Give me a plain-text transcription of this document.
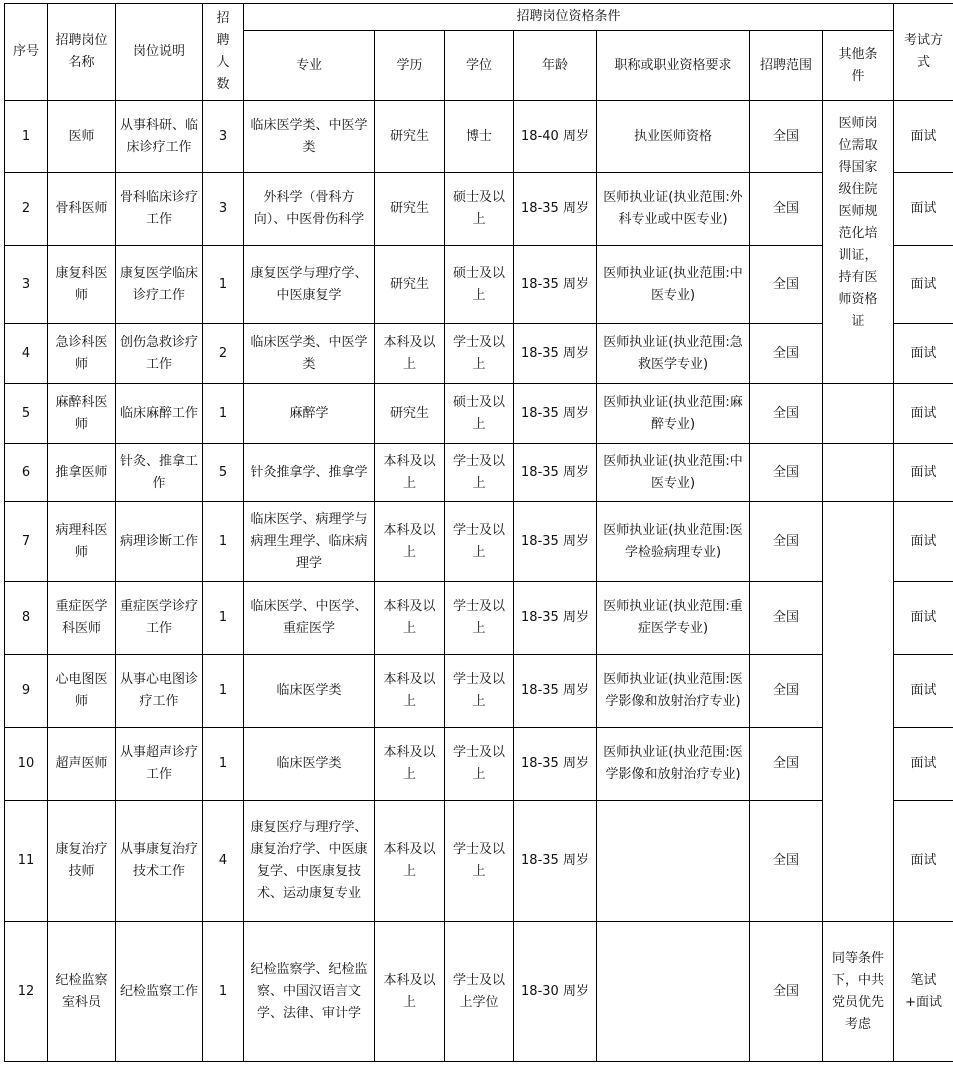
序号	招聘岗位名称	岗位说明	招聘人数	招聘岗位资格条件							考试方式
				专业	学历	学位	年龄	职称或职业资格要求	招聘范围	其他条件	
1	医师	从事科研、临床诊疗工作	3	临床医学类、中医学类	研究生	博士	18-40 周岁	执业医师资格	全国	医师岗位需取得国家级住院医师规范化培训证，持有医师资格证	面试
2	骨科医师	骨科临床诊疗工作	3	外科学（骨科方向）、中医骨伤科学	研究生	硕士及以上	18-35 周岁	医师执业证(执业范围:外科专业或中医专业)	全国		面试
3	康复科医师	康复医学临床诊疗工作	1	康复医学与理疗学、中医康复学	研究生	硕士及以上	18-35 周岁	医师执业证(执业范围:中医专业)	全国		面试
4	急诊科医师	创伤急救诊疗工作	2	临床医学类、中医学类	本科及以上	学士及以上	18-35 周岁	医师执业证(执业范围:急救医学专业)	全国		面试
5	麻醉科医师	临床麻醉工作	1	麻醉学	研究生	硕士及以上	18-35 周岁	医师执业证(执业范围:麻醉专业)	全国		面试
6	推拿医师	针灸、推拿工作	5	针灸推拿学、推拿学	本科及以上	学士及以上	18-35 周岁	医师执业证(执业范围:中医专业)	全国		面试
7	病理科医师	病理诊断工作	1	临床医学、病理学与病理生理学、临床病理学	本科及以上	学士及以上	18-35 周岁	医师执业证(执业范围:医学检验病理专业)	全国		面试
8	重症医学科医师	重症医学诊疗工作	1	临床医学、中医学、重症医学	本科及以上	学士及以上	18-35 周岁	医师执业证(执业范围:重症医学专业)	全国		面试
9	心电图医师	从事心电图诊疗工作	1	临床医学类	本科及以上	学士及以上	18-35 周岁	医师执业证(执业范围:医学影像和放射治疗专业)	全国		面试
10	超声医师	从事超声诊疗工作	1	临床医学类	本科及以上	学士及以上	18-35 周岁	医师执业证(执业范围:医学影像和放射治疗专业)	全国		面试
11	康复治疗技师	从事康复治疗技术工作	4	康复医疗与理疗学、康复治疗学、中医康复学、中医康复技术、运动康复专业	本科及以上	学士及以上	18-35 周岁		全国		面试
12	纪检监察室科员	纪检监察工作	1	纪检监察学、纪检监察、中国汉语言文学、法律、审计学	本科及以上	学士及以上学位	18-30 周岁		全国	同等条件下，中共党员优先考虑	笔试+面试
